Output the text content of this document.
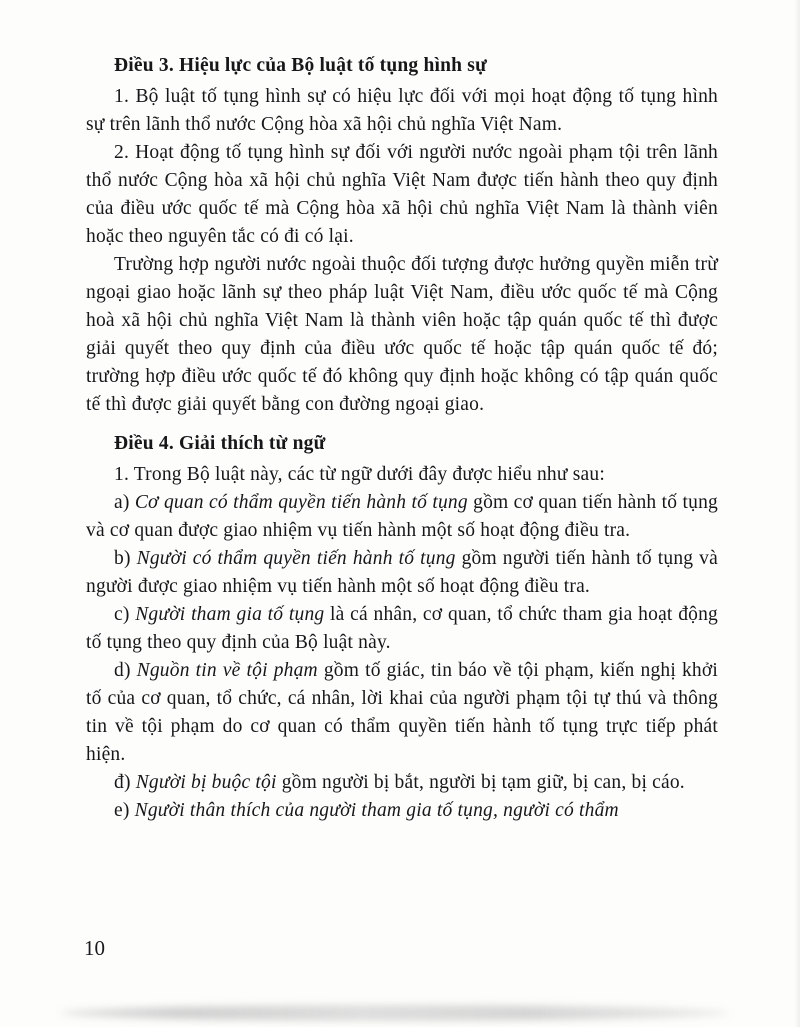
Điều 3. Hiệu lực của Bộ luật tố tụng hình sự

1. Bộ luật tố tụng hình sự có hiệu lực đối với mọi hoạt động tố tụng hình sự trên lãnh thổ nước Cộng hòa xã hội chủ nghĩa Việt Nam.

2. Hoạt động tố tụng hình sự đối với người nước ngoài phạm tội trên lãnh thổ nước Cộng hòa xã hội chủ nghĩa Việt Nam được tiến hành theo quy định của điều ước quốc tế mà Cộng hòa xã hội chủ nghĩa Việt Nam là thành viên hoặc theo nguyên tắc có đi có lại.

Trường hợp người nước ngoài thuộc đối tượng được hưởng quyền miễn trừ ngoại giao hoặc lãnh sự theo pháp luật Việt Nam, điều ước quốc tế mà Cộng hoà xã hội chủ nghĩa Việt Nam là thành viên hoặc tập quán quốc tế thì được giải quyết theo quy định của điều ước quốc tế hoặc tập quán quốc tế đó; trường hợp điều ước quốc tế đó không quy định hoặc không có tập quán quốc tế thì được giải quyết bằng con đường ngoại giao.

Điều 4. Giải thích từ ngữ

1. Trong Bộ luật này, các từ ngữ dưới đây được hiểu như sau:

a) Cơ quan có thẩm quyền tiến hành tố tụng gồm cơ quan tiến hành tố tụng và cơ quan được giao nhiệm vụ tiến hành một số hoạt động điều tra.

b) Người có thẩm quyền tiến hành tố tụng gồm người tiến hành tố tụng và người được giao nhiệm vụ tiến hành một số hoạt động điều tra.

c) Người tham gia tố tụng là cá nhân, cơ quan, tổ chức tham gia hoạt động tố tụng theo quy định của Bộ luật này.

d) Nguồn tin về tội phạm gồm tố giác, tin báo về tội phạm, kiến nghị khởi tố của cơ quan, tổ chức, cá nhân, lời khai của người phạm tội tự thú và thông tin về tội phạm do cơ quan có thẩm quyền tiến hành tố tụng trực tiếp phát hiện.

đ) Người bị buộc tội gồm người bị bắt, người bị tạm giữ, bị can, bị cáo.

e) Người thân thích của người tham gia tố tụng, người có thẩm

10
